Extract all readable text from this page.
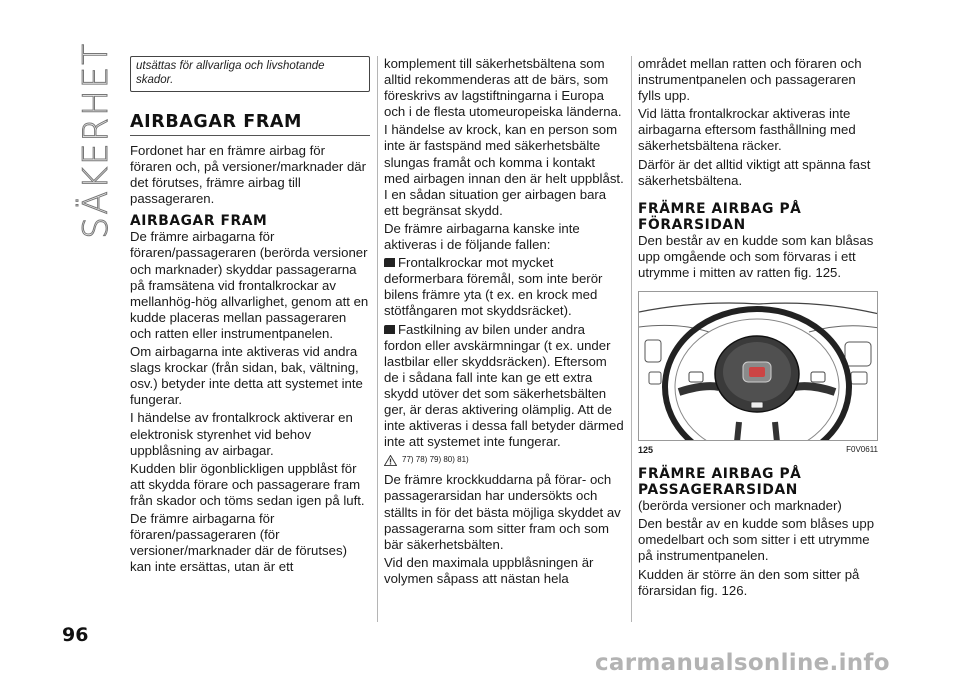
SÄKERHET	utsättas för allvarliga och livshotande skador.
AIRBAGAR FRAM

Fordonet har en främre airbag för föraren och, på versioner/marknader där det förutses, främre airbag till passageraren.

AIRBAGAR FRAM

De främre airbagarna för föraren/passageraren (berörda versioner och marknader) skyddar passagerarna på framsätena vid frontalkrockar av mellanhög-hög allvarlighet, genom att en kudde placeras mellan passageraren och ratten eller instrumentpanelen.

Om airbagarna inte aktiveras vid andra slags krockar (från sidan, bak, vältning, osv.) betyder inte detta att systemet inte fungerar.

I händelse av frontalkrock aktiverar en elektronisk styrenhet vid behov uppblåsning av airbagar.

Kudden blir ögonblickligen uppblåst för att skydda förare och passagerare fram från skador och töms sedan igen på luft.

De främre airbagarna för föraren/passageraren (för versioner/marknader där de förutses) kan inte ersättas, utan är ett

komplement till säkerhetsbältena som alltid rekommenderas att de bärs, som föreskrivs av lagstiftningarna i Europa och i de flesta utomeuropeiska länderna.

I händelse av krock, kan en person som inte är fastspänd med säkerhetsbälte slungas framåt och komma i kontakt med airbagen innan den är helt uppblåst. I en sådan situation ger airbagen bara ett begränsat skydd.

De främre airbagarna kanske inte aktiveras i de följande fallen:

Frontalkrockar mot mycket deformerbara föremål, som inte berör bilens främre yta (t ex. en krock med stötfångaren mot skyddsräcket).

Fastkilning av bilen under andra fordon eller avskärmningar (t ex. under lastbilar eller skyddsräcken). Eftersom de i sådana fall inte kan ge ett extra skydd utöver det som säkerhetsbälten ger, är deras aktivering olämplig. Att de inte aktiveras i dessa fall betyder därmed inte att systemet inte fungerar.

77) 78) 79) 80) 81)

De främre krockkuddarna på förar- och passagerarsidan har undersökts och ställts in för det bästa möjliga skyddet av passagerarna som sitter fram och som bär säkerhetsbälten.

Vid den maximala uppblåsningen är volymen såpass att nästan hela

området mellan ratten och föraren och instrumentpanelen och passageraren fylls upp.

Vid lätta frontalkrockar aktiveras inte airbagarna eftersom fasthållning med säkerhetsbältena räcker.

Därför är det alltid viktigt att spänna fast säkerhetsbältena.

FRÄMRE AIRBAG PÅ FÖRARSIDAN

Den består av en kudde som kan blåsas upp omgående och som förvaras i ett utrymme i mitten av ratten fig. 125.

125	F0V0611
FRÄMRE AIRBAG PÅ PASSAGERARSIDAN

(berörda versioner och marknader)

Den består av en kudde som blåses upp omedelbart och som sitter i ett utrymme på instrumentpanelen.

Kudden är större än den som sitter på förarsidan fig. 126.

96
carmanualsonline.info
